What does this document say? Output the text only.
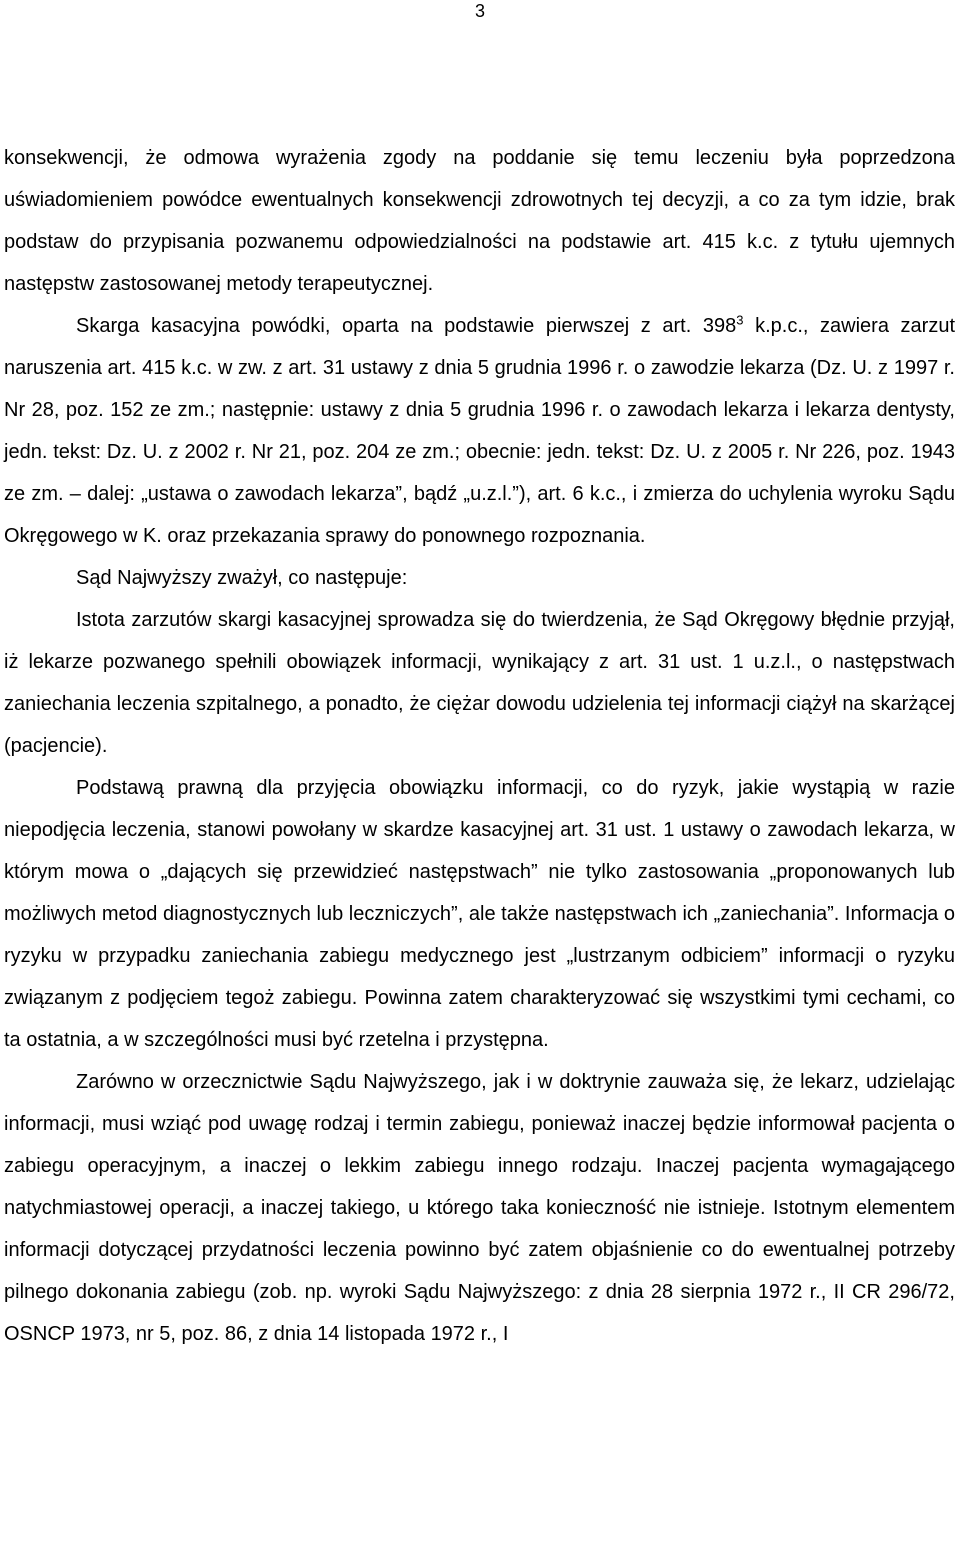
3

konsekwencji, że odmowa wyrażenia zgody na poddanie się temu leczeniu była poprzedzona uświadomieniem powódce ewentualnych konsekwencji zdrowotnych tej decyzji, a co za tym idzie, brak podstaw do przypisania pozwanemu odpowiedzialności na podstawie art. 415 k.c. z tytułu ujemnych następstw zastosowanej metody terapeutycznej.

Skarga kasacyjna powódki, oparta na podstawie pierwszej z art. $398^3$ k.p.c., zawiera zarzut naruszenia art. 415 k.c. w zw. z art. 31 ustawy z dnia 5 grudnia 1996 r. o zawodzie lekarza (Dz. U. z 1997 r. Nr 28, poz. 152 ze zm.; następnie: ustawy z dnia 5 grudnia 1996 r. o zawodach lekarza i lekarza dentysty, jedn. tekst: Dz. U. z 2002 r. Nr 21, poz. 204 ze zm.; obecnie: jedn. tekst: Dz. U. z 2005 r. Nr 226, poz. 1943 ze zm. – dalej: „ustawa o zawodach lekarza”, bądź „u.z.l.”), art. 6 k.c., i zmierza do uchylenia wyroku Sądu Okręgowego w K. oraz przekazania sprawy do ponownego rozpoznania.

Sąd Najwyższy zważył, co następuje:

Istota zarzutów skargi kasacyjnej sprowadza się do twierdzenia, że Sąd Okręgowy błędnie przyjął, iż lekarze pozwanego spełnili obowiązek informacji, wynikający z art. 31 ust. 1 u.z.l., o następstwach zaniechania leczenia szpitalnego, a ponadto, że ciężar dowodu udzielenia tej informacji ciążył na skarżącej (pacjencie).

Podstawą prawną dla przyjęcia obowiązku informacji, co do ryzyk, jakie wystąpią w razie niepodjęcia leczenia, stanowi powołany w skardze kasacyjnej art. 31 ust. 1 ustawy o zawodach lekarza, w którym mowa o „dających się przewidzieć następstwach” nie tylko zastosowania „proponowanych lub możliwych metod diagnostycznych lub leczniczych”, ale także następstwach ich „zaniechania”. Informacja o ryzyku w przypadku zaniechania zabiegu medycznego jest „lustrzanym odbiciem” informacji o ryzyku związanym z podjęciem tegoż zabiegu. Powinna zatem charakteryzować się wszystkimi tymi cechami, co ta ostatnia, a w szczególności musi być rzetelna i przystępna.

Zarówno w orzecznictwie Sądu Najwyższego, jak i w doktrynie zauważa się, że lekarz, udzielając informacji, musi wziąć pod uwagę rodzaj i termin zabiegu, ponieważ inaczej będzie informował pacjenta o zabiegu operacyjnym, a inaczej o lekkim zabiegu innego rodzaju. Inaczej pacjenta wymagającego natychmiastowej operacji, a inaczej takiego, u którego taka konieczność nie istnieje. Istotnym elementem informacji dotyczącej przydatności leczenia powinno być zatem objaśnienie co do ewentualnej potrzeby pilnego dokonania zabiegu (zob. np. wyroki Sądu Najwyższego: z dnia 28 sierpnia 1972 r., II CR 296/72, OSNCP 1973, nr 5, poz. 86, z dnia 14 listopada 1972 r., I
